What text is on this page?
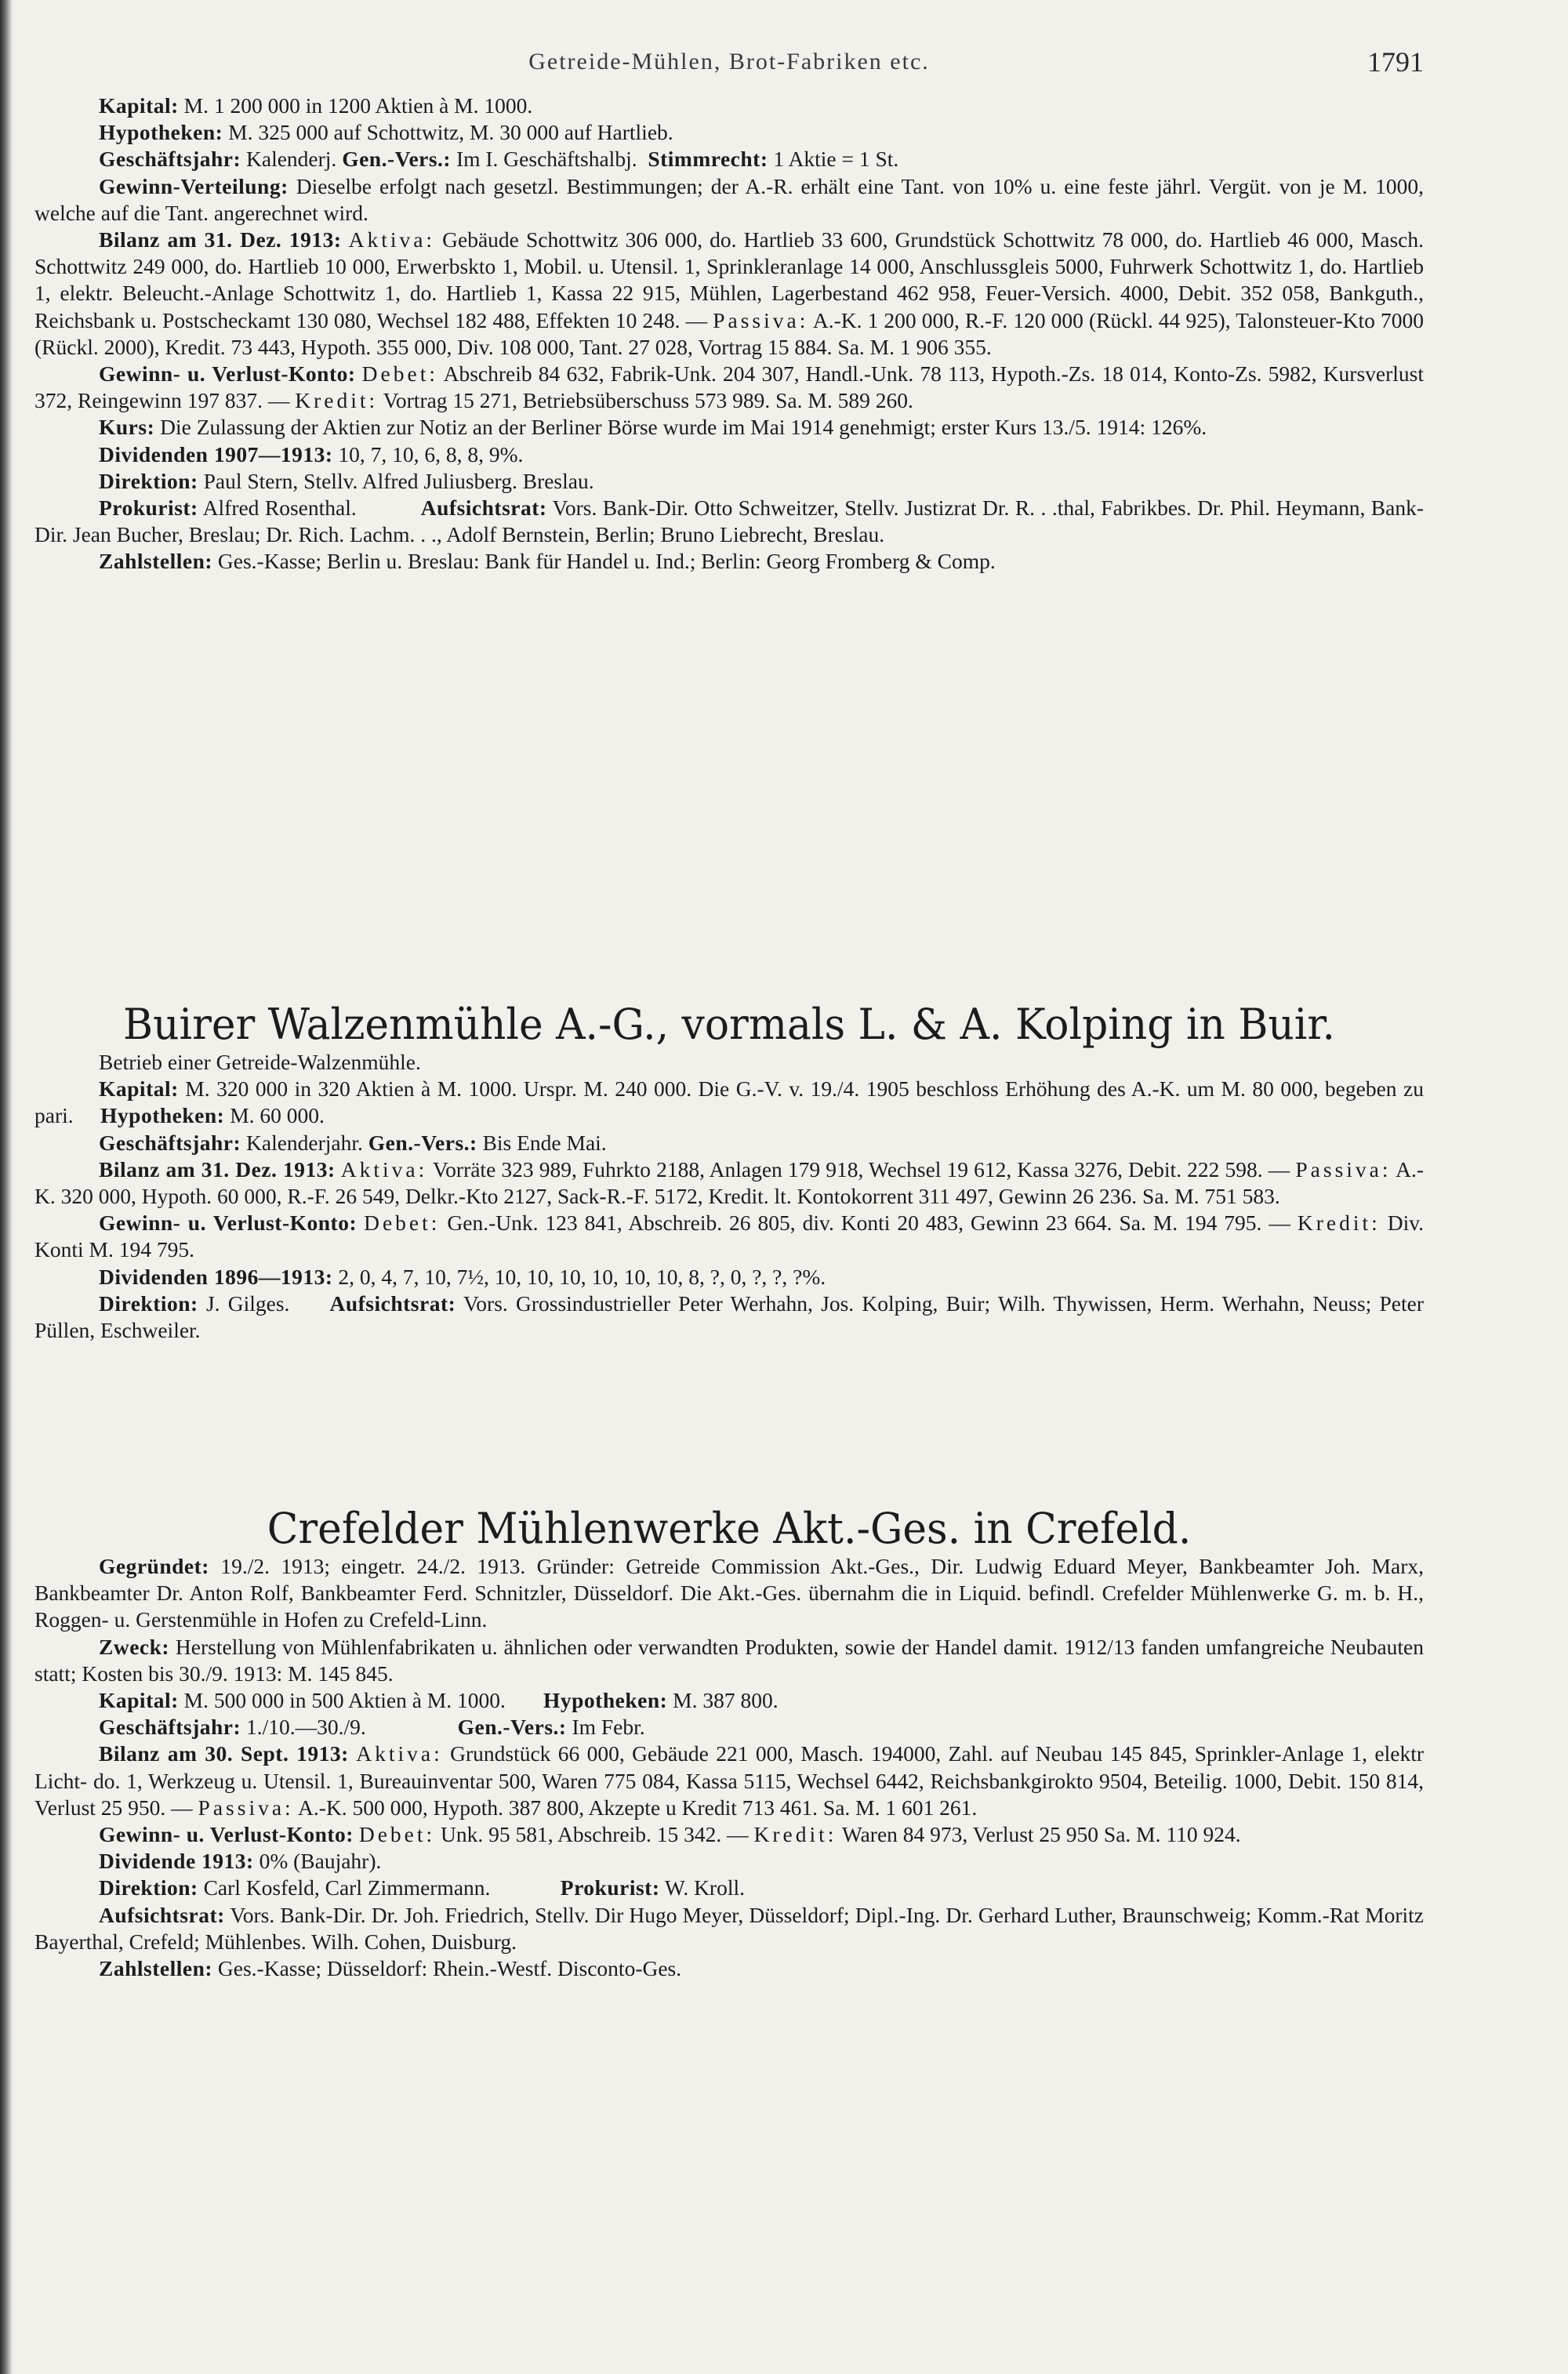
Getreide-Mühlen, Brot-Fabriken etc.	1791

Kapital: M. 1 200 000 in 1200 Aktien à M. 1000.

Hypotheken: M. 325 000 auf Schottwitz, M. 30 000 auf Hartlieb.

Geschäftsjahr: Kalenderj. Gen.-Vers.: Im I. Geschäftshalbj. Stimmrecht: 1 Aktie = 1 St.

Gewinn-Verteilung: Dieselbe erfolgt nach gesetzl. Bestimmungen; der A.-R. erhält eine Tant. von 10% u. eine feste jährl. Vergüt. von je M. 1000, welche auf die Tant. angerechnet wird.

Bilanz am 31. Dez. 1913: Aktiva: Gebäude Schottwitz 306 000, do. Hartlieb 33 600, Grundstück Schottwitz 78 000, do. Hartlieb 46 000, Masch. Schottwitz 249 000, do. Hartlieb 10 000, Erwerbskto 1, Mobil. u. Utensil. 1, Sprinkleranlage 14 000, Anschlussgleis 5000, Fuhrwerk Schottwitz 1, do. Hartlieb 1, elektr. Beleucht.-Anlage Schottwitz 1, do. Hartlieb 1, Kassa 22 915, Mühlen, Lagerbestand 462 958, Feuer-Versich. 4000, Debit. 352 058, Bankguth., Reichsbank u. Postscheckamt 130 080, Wechsel 182 488, Effekten 10 248. — Passiva: A.-K. 1 200 000, R.-F. 120 000 (Rückl. 44 925), Talonsteuer-Kto 7000 (Rückl. 2000), Kredit. 73 443, Hypoth. 355 000, Div. 108 000, Tant. 27 028, Vortrag 15 884. Sa. M. 1 906 355.

Gewinn- u. Verlust-Konto: Debet: Abschreib 84 632, Fabrik-Unk. 204 307, Handl.-Unk. 78 113, Hypoth.-Zs. 18 014, Konto-Zs. 5982, Kursverlust 372, Reingewinn 197 837. — Kredit: Vortrag 15 271, Betriebsüberschuss 573 989. Sa. M. 589 260.

Kurs: Die Zulassung der Aktien zur Notiz an der Berliner Börse wurde im Mai 1914 genehmigt; erster Kurs 13./5. 1914: 126%.

Dividenden 1907—1913: 10, 7, 10, 6, 8, 8, 9%.

Direktion: Paul Stern, Stellv. Alfred Juliusberg. Breslau.

Prokurist: Alfred Rosenthal.	Aufsichtsrat: Vors. Bank-Dir. Otto Schweitzer, Stellv. Justizrat Dr. R. . .thal, Fabrikbes. Dr. Phil. Heymann, Bank-Dir. Jean Bucher, Breslau; Dr. Rich. Lachm. . ., Adolf Bernstein, Berlin; Bruno Liebrecht, Breslau.

Zahlstellen: Ges.-Kasse; Berlin u. Breslau: Bank für Handel u. Ind.; Berlin: Georg Fromberg & Comp.

Buirer Walzenmühle A.-G., vormals L. & A. Kolping in Buir.

Betrieb einer Getreide-Walzenmühle.

Kapital: M. 320 000 in 320 Aktien à M. 1000. Urspr. M. 240 000. Die G.-V. v. 19./4. 1905 beschloss Erhöhung des A.-K. um M. 80 000, begeben zu pari. Hypotheken: M. 60 000.

Geschäftsjahr: Kalenderjahr. Gen.-Vers.: Bis Ende Mai.

Bilanz am 31. Dez. 1913: Aktiva: Vorräte 323 989, Fuhrkto 2188, Anlagen 179 918, Wechsel 19 612, Kassa 3276, Debit. 222 598. — Passiva: A.-K. 320 000, Hypoth. 60 000, R.-F. 26 549, Delkr.-Kto 2127, Sack-R.-F. 5172, Kredit. lt. Kontokorrent 311 497, Gewinn 26 236. Sa. M. 751 583.

Gewinn- u. Verlust-Konto: Debet: Gen.-Unk. 123 841, Abschreib. 26 805, div. Konti 20 483, Gewinn 23 664. Sa. M. 194 795. — Kredit: Div. Konti M. 194 795.

Dividenden 1896—1913: 2, 0, 4, 7, 10, 7½, 10, 10, 10, 10, 10, 10, 8, ?, 0, ?, ?, ?%.

Direktion: J. Gilges. Aufsichtsrat: Vors. Grossindustrieller Peter Werhahn, Jos. Kolping, Buir; Wilh. Thywissen, Herm. Werhahn, Neuss; Peter Püllen, Eschweiler.

Crefelder Mühlenwerke Akt.-Ges. in Crefeld.

Gegründet: 19./2. 1913; eingetr. 24./2. 1913. Gründer: Getreide Commission Akt.-Ges., Dir. Ludwig Eduard Meyer, Bankbeamter Joh. Marx, Bankbeamter Dr. Anton Rolf, Bankbeamter Ferd. Schnitzler, Düsseldorf. Die Akt.-Ges. übernahm die in Liquid. befindl. Crefelder Mühlenwerke G. m. b. H., Roggen- u. Gerstenmühle in Hofen zu Crefeld-Linn.

Zweck: Herstellung von Mühlenfabrikaten u. ähnlichen oder verwandten Produkten, sowie der Handel damit. 1912/13 fanden umfangreiche Neubauten statt; Kosten bis 30./9. 1913: M. 145 845.

Kapital: M. 500 000 in 500 Aktien à M. 1000. Hypotheken: M. 387 800.

Geschäftsjahr: 1./10.—30./9.	Gen.-Vers.: Im Febr.

Bilanz am 30. Sept. 1913: Aktiva: Grundstück 66 000, Gebäude 221 000, Masch. 194000, Zahl. auf Neubau 145 845, Sprinkler-Anlage 1, elektr Licht- do. 1, Werkzeug u. Utensil. 1, Bureauinventar 500, Waren 775 084, Kassa 5115, Wechsel 6442, Reichsbankgirokto 9504, Beteilig. 1000, Debit. 150 814, Verlust 25 950. — Passiva: A.-K. 500 000, Hypoth. 387 800, Akzepte u Kredit 713 461. Sa. M. 1 601 261.

Gewinn- u. Verlust-Konto: Debet: Unk. 95 581, Abschreib. 15 342. — Kredit: Waren 84 973, Verlust 25 950 Sa. M. 110 924.

Dividende 1913: 0% (Baujahr).

Direktion: Carl Kosfeld, Carl Zimmermann.	Prokurist: W. Kroll.

Aufsichtsrat: Vors. Bank-Dir. Dr. Joh. Friedrich, Stellv. Dir Hugo Meyer, Düsseldorf; Dipl.-Ing. Dr. Gerhard Luther, Braunschweig; Komm.-Rat Moritz Bayerthal, Crefeld; Mühlenbes. Wilh. Cohen, Duisburg.

Zahlstellen: Ges.-Kasse; Düsseldorf: Rhein.-Westf. Disconto-Ges.
